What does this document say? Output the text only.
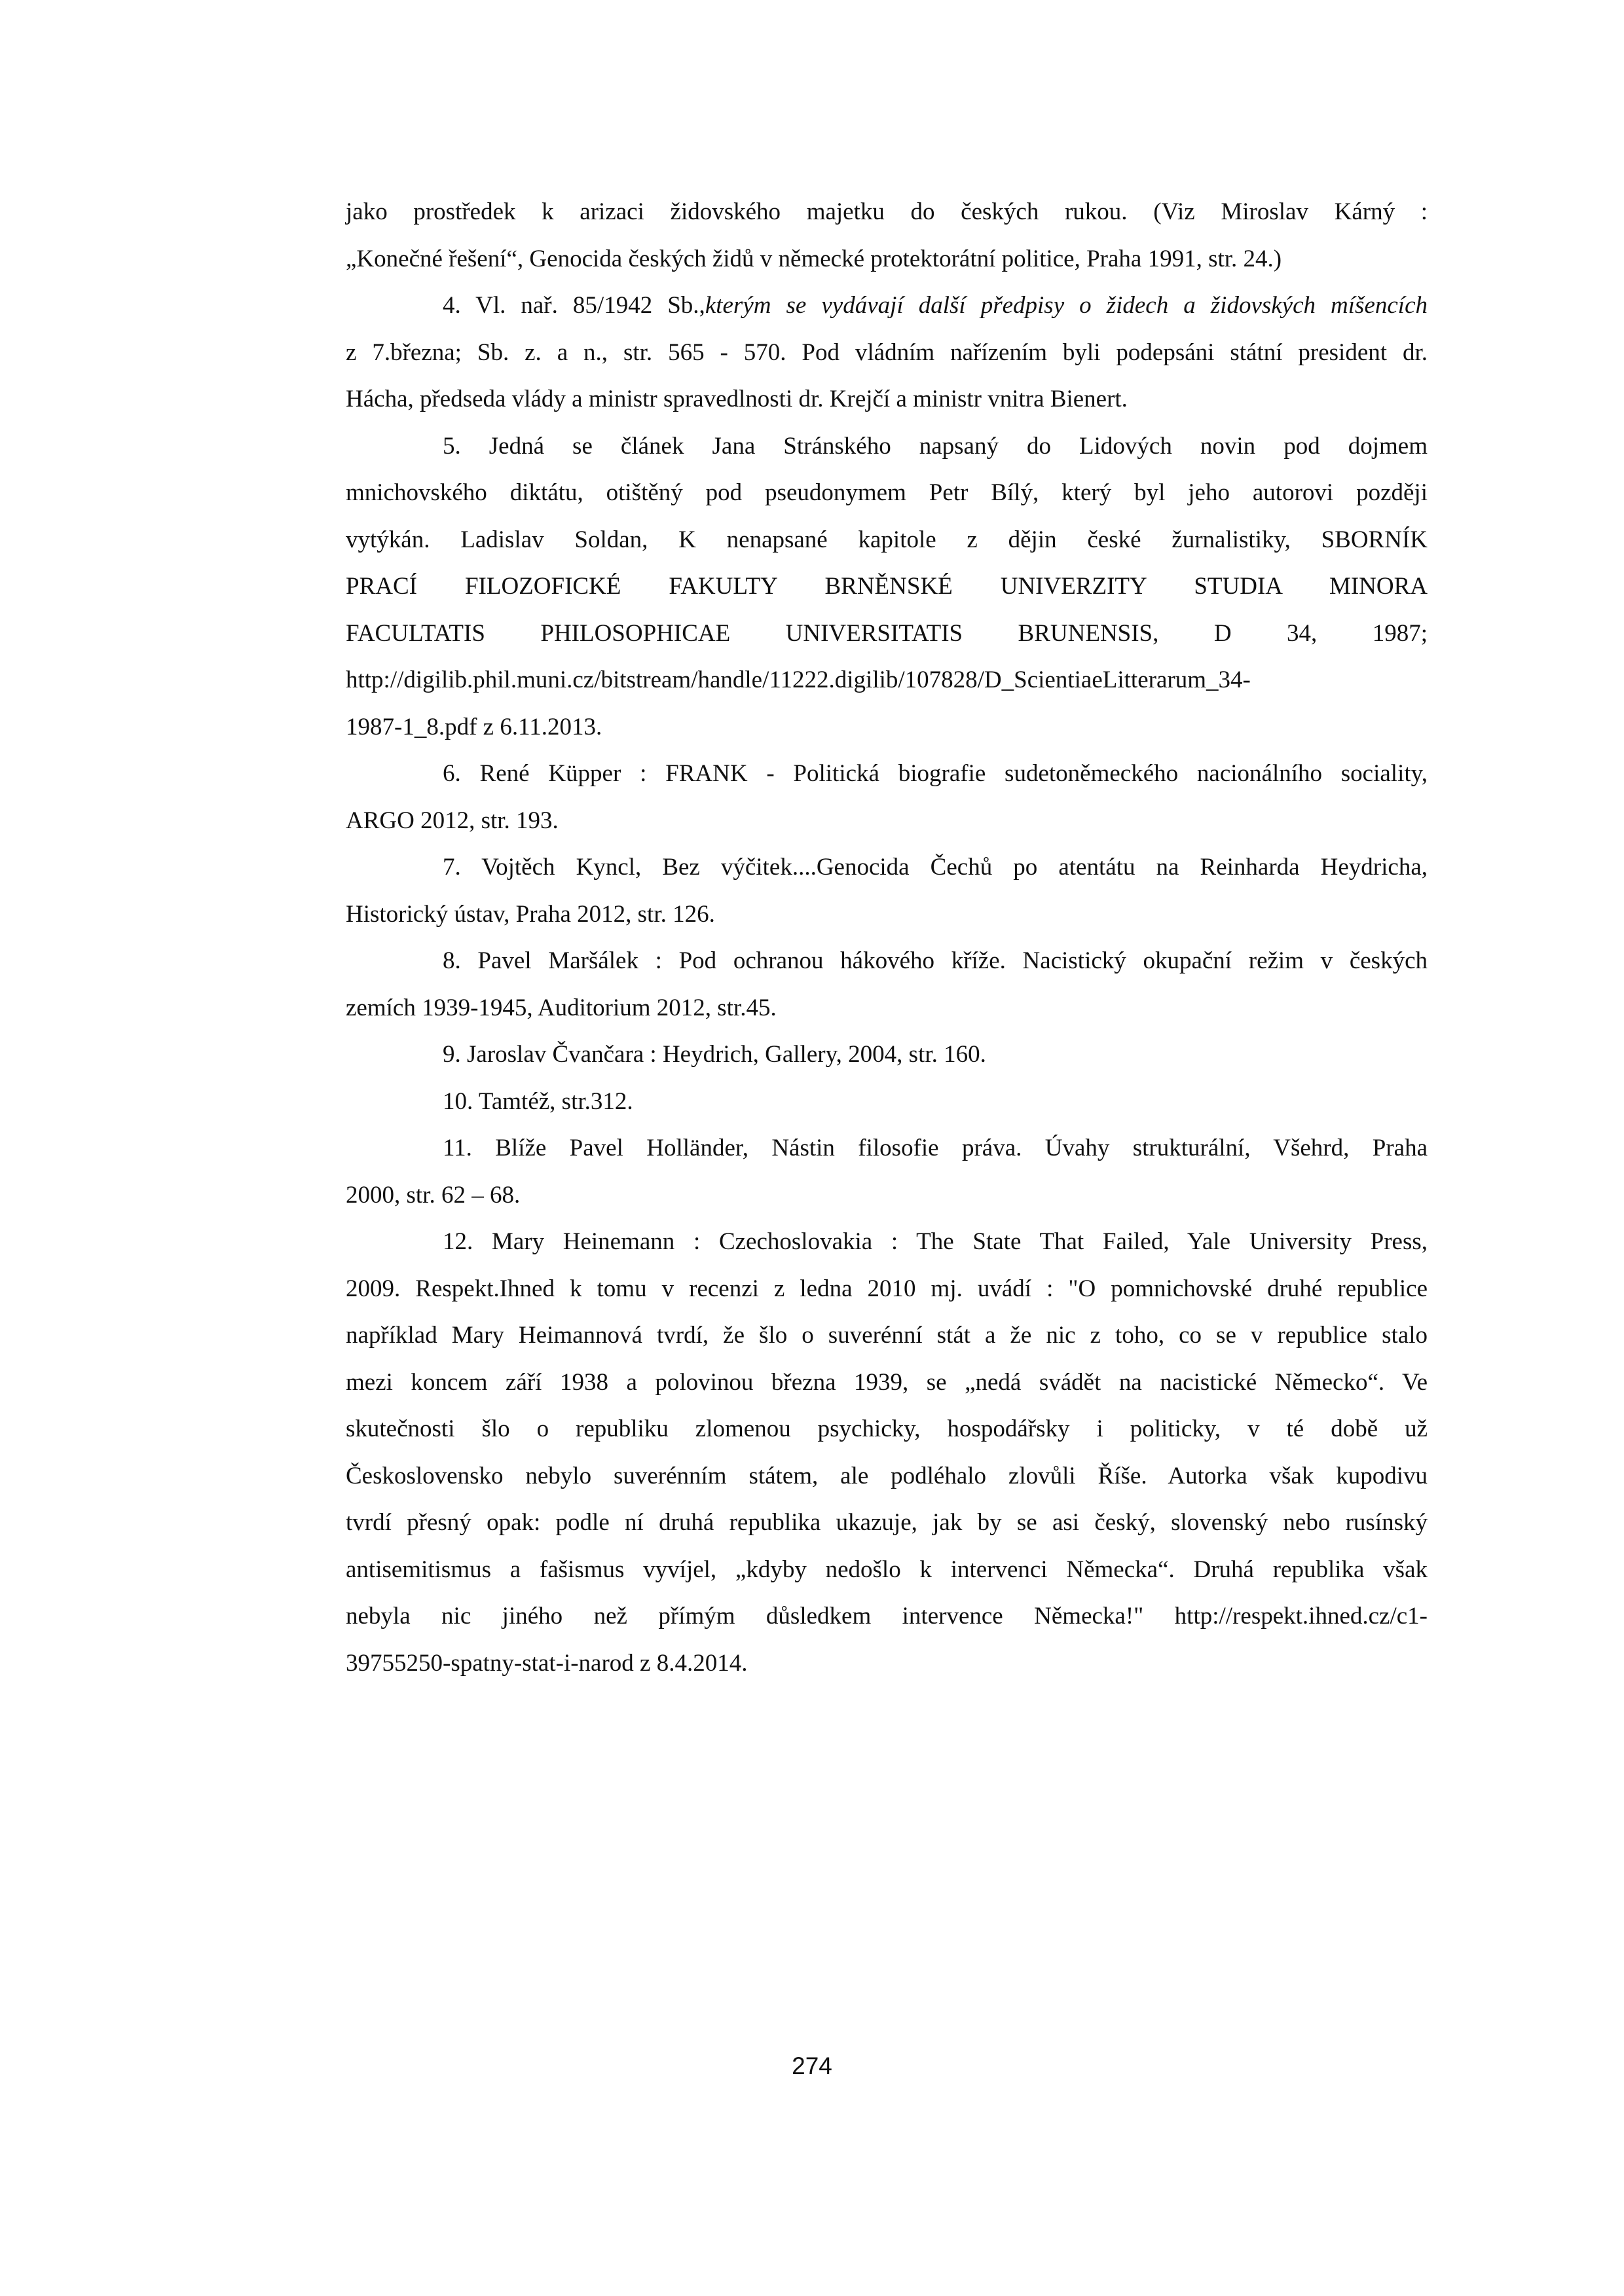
jako prostředek k arizaci židovského majetku do českých rukou. (Viz Miroslav Kárný :
„Konečné řešení“, Genocida českých židů v německé protektorátní politice, Praha 1991, str. 24.)
4. Vl. nař. 85/1942 Sb.,kterým se vydávají další předpisy o židech a židovských míšencích
z 7.března; Sb. z. a n., str. 565 - 570. Pod vládním nařízením byli podepsáni státní president dr.
Hácha, předseda vlády a ministr spravedlnosti dr. Krejčí a ministr vnitra Bienert.
5. Jedná se článek Jana Stránského napsaný do Lidových novin pod dojmem
mnichovského diktátu, otištěný pod pseudonymem Petr Bílý, který byl jeho autorovi později
vytýkán. Ladislav Soldan, K nenapsané kapitole z dějin české žurnalistiky, SBORNÍK
PRACÍ FILOZOFICKÉ FAKULTY BRNĚNSKÉ UNIVERZITY STUDIA MINORA
FACULTATIS PHILOSOPHICAE UNIVERSITATIS BRUNENSIS, D 34, 1987;
http://digilib.phil.muni.cz/bitstream/handle/11222.digilib/107828/D_ScientiaeLitterarum_34-
1987-1_8.pdf z 6.11.2013.
6. René Küpper : FRANK - Politická biografie sudetoněmeckého nacionálního sociality,
ARGO 2012, str. 193.
7. Vojtěch Kyncl, Bez výčitek....Genocida Čechů po atentátu na Reinharda Heydricha,
Historický ústav, Praha 2012, str. 126.
8. Pavel Maršálek : Pod ochranou hákového kříže. Nacistický okupační režim v českých
zemích 1939-1945, Auditorium 2012, str.45.
9. Jaroslav Čvančara : Heydrich, Gallery, 2004, str. 160.
10. Tamtéž, str.312.
11. Blíže Pavel Holländer, Nástin filosofie práva. Úvahy strukturální, Všehrd, Praha
2000, str. 62 – 68.
12. Mary Heinemann : Czechoslovakia : The State That Failed, Yale University Press,
2009. Respekt.Ihned k tomu v recenzi z ledna 2010 mj. uvádí : "O pomnichovské druhé republice
například Mary Heimannová tvrdí, že šlo o suverénní stát a že nic z toho, co se v republice stalo
mezi koncem září 1938 a polovinou března 1939, se „nedá svádět na nacistické Německo“. Ve
skutečnosti šlo o republiku zlomenou psychicky, hospodářsky i politicky, v té době už
Československo nebylo suverénním státem, ale podléhalo zlovůli Říše. Autorka však kupodivu
tvrdí přesný opak: podle ní druhá republika ukazuje, jak by se asi český, slovenský nebo rusínský
antisemitismus a fašismus vyvíjel, „kdyby nedošlo k intervenci Německa“. Druhá republika však
nebyla nic jiného než přímým důsledkem intervence Německa!" http://respekt.ihned.cz/c1-
39755250-spatny-stat-i-narod z 8.4.2014.
274
